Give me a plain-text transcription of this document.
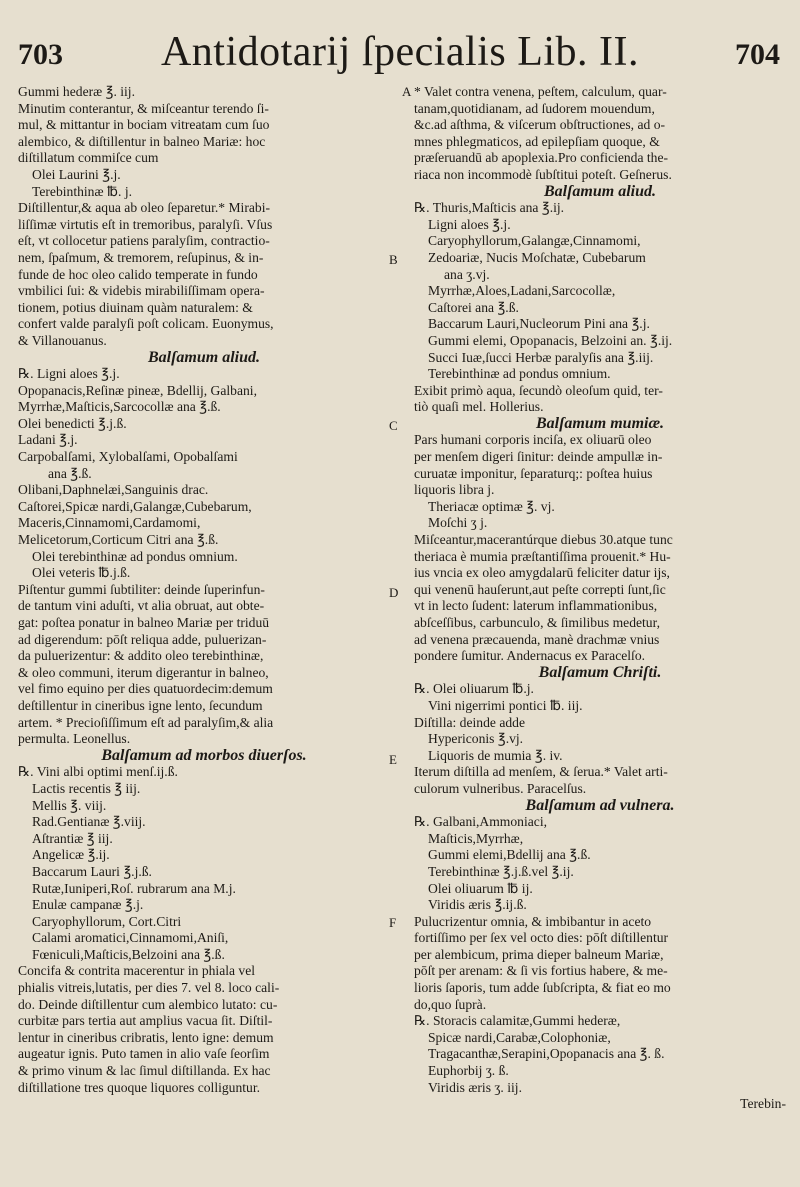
703	Antidotarij ſpecialis Lib. II.	704

Gummi hederæ ℥. iij.

Minutim conterantur, & miſceantur terendo ſi-

mul, & mittantur in bociam vitreatam cum ſuo

alembico, & diſtillentur in balneo Mariæ: hoc

diſtillatum commiſce cum

Olei Laurini ℥.j.

Terebinthinæ ℔. j.

Diſtillentur,& aqua ab oleo ſeparetur.* Mirabi-

liſſimæ virtutis eſt in tremoribus, paralyſi. Vſus

eſt, vt collocetur patiens paralyſim, contractio-

nem, ſpaſmum, & tremorem, reſupinus, & in-

funde de hoc oleo calido temperate in fundo

vmbilici ſui: & videbis mirabiliſſimam opera-

tionem, potius diuinam quàm naturalem: &

confert valde paralyſi poſt colicam. Euonymus,

& Villanouanus.

Balſamum aliud.

℞. Ligni aloes ℥.j.

Opopanacis,Reſinæ pineæ, Bdellij, Galbani,

Myrrhæ,Maſticis,Sarcocollæ ana ℥.ß.

Olei benedicti ℥.j.ß.

Ladani ℥.j.

Carpobalſami, Xylobalſami, Opobalſami

ana ℥.ß.

Olibani,Daphnelæi,Sanguinis drac.

Caſtorei,Spicæ nardi,Galangæ,Cubebarum,

Maceris,Cinnamomi,Cardamomi,

Melicetorum,Corticum Citri ana ℥.ß.

Olei terebinthinæ ad pondus omnium.

Olei veteris ℔.j.ß.

Piſtentur gummi ſubtiliter: deinde ſuperinfun-

de tantum vini aduſti, vt alia obruat, aut obte-

gat: poſtea ponatur in balneo Mariæ per triduū

ad digerendum: pōſt reliqua adde, puluerizan-

da puluerizentur: & addito oleo terebinthinæ,

& oleo communi, iterum digerantur in balneo,

vel fimo equino per dies quatuordecim:demum

deſtillentur in cineribus igne lento, ſecundum

artem. * Precioſiſſimum eſt ad paralyſim,& alia

permulta. Leonellus.

Balſamum ad morbos diuerſos.

℞. Vini albi optimi menſ.ij.ß.

Lactis recentis ℥ iij.

Mellis ℥. viij.

Rad.Gentianæ ℥.viij.

Aſtrantiæ ℥ iij.

Angelicæ ℥.ij.

Baccarum Lauri ℥.j.ß.

Rutæ,Iuniperi,Roſ. rubrarum ana M.j.

Enulæ campanæ ℥.j.

Caryophyllorum, Cort.Citri

Calami aromatici,Cinnamomi,Aniſi,

Fœniculi,Maſticis,Belzoini ana ℥.ß.

Concifa & contrita macerentur in phiala vel

phialis vitreis,lutatis, per dies 7. vel 8. loco cali-

do. Deinde diſtillentur cum alembico lutato: cu-

curbitæ pars tertia aut amplius vacua ſit. Diſtil-

lentur in cineribus cribratis, lento igne: demum

augeatur ignis. Puto tamen in alio vaſe ſeorſim

& primo vinum & lac ſimul diſtillanda. Ex hac

diſtillatione tres quoque liquores colliguntur.

* Valet contra venena, peſtem, calculum, quar-

tanam,quotidianam, ad ſudorem mouendum,

&c.ad aſthma, & viſcerum obſtructiones, ad o-

mnes phlegmaticos, ad epilepſiam quoque, &

præſeruandū ab apoplexia.Pro conficienda the-

riaca non incommodè ſubſtitui poteſt. Geſnerus.

Balſamum aliud.

℞. Thuris,Maſticis ana ℥.ij.

Ligni aloes ℥.j.

Caryophyllorum,Galangæ,Cinnamomi,

Zedoariæ, Nucis Moſchatæ, Cubebarum

ana ʒ.vj.

Myrrhæ,Aloes,Ladani,Sarcocollæ,

Caſtorei ana ℥.ß.

Baccarum Lauri,Nucleorum Pini ana ℥.j.

Gummi elemi, Opopanacis, Belzoini an. ℥.ij.

Succi Iuæ,ſucci Herbæ paralyſis ana ℥.iij.

Terebinthinæ ad pondus omnium.

Exibit primò aqua, ſecundò oleoſum quid, ter-

tiò quaſi mel. Hollerius.

Balſamum mumiæ.

Pars humani corporis inciſa, ex oliuarū oleo

per menſem digeri ſinitur: deinde ampullæ in-

curuatæ imponitur, ſeparaturq;: poſtea huius

liquoris libra j.

Theriacæ optimæ ℥. vj.

Moſchi ʒ j.

Miſceantur,macerantúrque diebus 30.atque tunc

theriaca è mumia præſtantiſſima prouenit.* Hu-

ius vncia ex oleo amygdalarū feliciter datur ijs,

qui venenū hauſerunt,aut peſte correpti ſunt,ſic

vt in lecto ſudent: laterum inflammationibus,

abſceſſibus, carbunculo, & ſimilibus medetur,

ad venena præcauenda, manè drachmæ vnius

pondere ſumitur. Andernacus ex Paracelſo.

Balſamum Chriſti.

℞. Olei oliuarum ℔.j.

Vini nigerrimi pontici ℔. iij.

Diſtilla: deinde adde

Hypericonis ℥.vj.

Liquoris de mumia ℥. iv.

Iterum diſtilla ad menſem, & ſerua.* Valet arti-

culorum vulneribus. Paracelſus.

Balſamum ad vulnera.

℞. Galbani,Ammoniaci,

Maſticis,Myrrhæ,

Gummi elemi,Bdellij ana ℥.ß.

Terebinthinæ ℥.j.ß.vel ℥.ij.

Olei oliuarum ℔ ij.

Viridis æris ℥.ij.ß.

Pulucrizentur omnia, & imbibantur in aceto

fortiſſimo per ſex vel octo dies: pōſt diſtillentur

per alembicum, prima dieper balneum Mariæ,

pōſt per arenam: & ſi vis fortius habere, & me-

lioris ſaporis, tum adde ſubſcripta, & fiat eo mo

do,quo ſuprà.

℞. Storacis calamitæ,Gummi hederæ,

Spicæ nardi,Carabæ,Colophoniæ,

Tragacanthæ,Serapini,Opopanacis ana ℥. ß.

Euphorbij ʒ. ß.

Viridis æris ʒ. iij.

Terebin-

A
B
C
D
E
F
